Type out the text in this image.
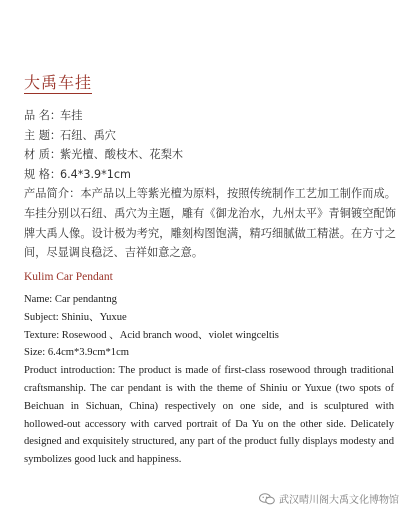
大禹车挂
品 名：车挂
主 题：石纽、禹穴
材 质：紫光檀、酸枝木、花梨木
规 格：6.4*3.9*1cm
产品简介：本产品以上等紫光檀为原料，按照传统制作工艺加工制作而成。车挂分别以石纽、禹穴为主题，雕有《御龙治水，九州太平》青铜镀空配饰牌大禹人像。设计极为考究，雕刻构图饱满，精巧细腻做工精湛。在方寸之间，尽显调良稳泛、吉祥如意之意。
Kulim Car Pendant
Name: Car pendantng
Subject: Shiniu、Yuxue
Texture: Rosewood 、Acid branch wood、violet wingceltis
Size: 6.4cm*3.9cm*1cm
Product introduction: The product is made of first-class rosewood through traditional craftsmanship. The car pendant is with the theme of Shiniu or Yuxue (two spots of Beichuan in Sichuan, China) respectively on one side, and is sculptured with hollowed-out accessory with carved portrait of Da Yu on the other side. Delicately designed and exquisitely structured, any part of the product fully displays modesty and symbolizes good luck and happiness.
武汉晴川阁大禹文化博物馆
